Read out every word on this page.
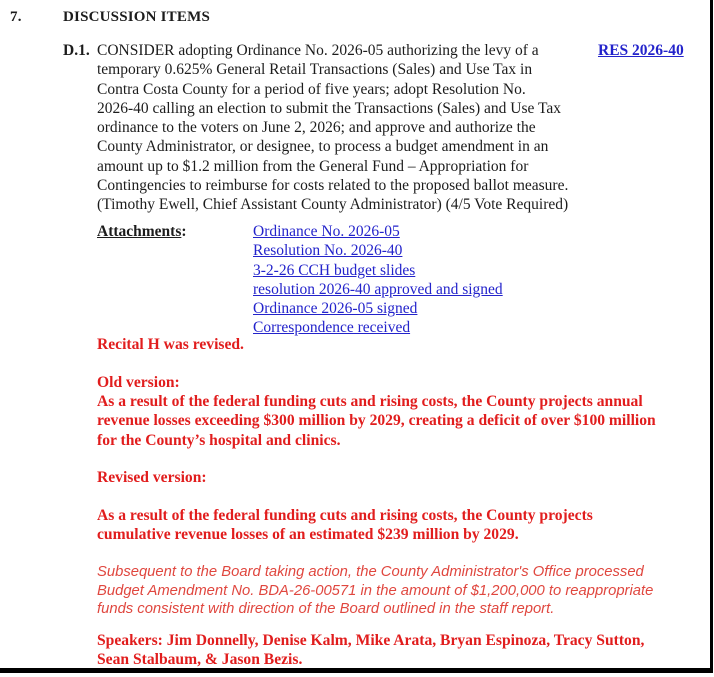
7.	DISCUSSION ITEMS
D.1. CONSIDER adopting Ordinance No. 2026-05 authorizing the levy of a
temporary 0.625% General Retail Transactions (Sales) and Use Tax in
Contra Costa County for a period of five years; adopt Resolution No.
2026-40 calling an election to submit the Transactions (Sales) and Use Tax
ordinance to the voters on June 2, 2026; and approve and authorize the
County Administrator, or designee, to process a budget amendment in an
amount up to $1.2 million from the General Fund – Appropriation for
Contingencies to reimburse for costs related to the proposed ballot measure.
(Timothy Ewell, Chief Assistant County Administrator) (4/5 Vote Required)
RES 2026-40
Attachments:	Ordinance No. 2026-05
Resolution No. 2026-40
3-2-26 CCH budget slides
resolution 2026-40 approved and signed
Ordinance 2026-05 signed
Correspondence received
Recital H was revised.
Old version:
As a result of the federal funding cuts and rising costs, the County projects annual
revenue losses exceeding $300 million by 2029, creating a deficit of over $100 million
for the County’s hospital and clinics.
Revised version:
As a result of the federal funding cuts and rising costs, the County projects
cumulative revenue losses of an estimated $239 million by 2029.
Subsequent to the Board taking action, the County Administrator's Office processed
Budget Amendment No. BDA-26-00571 in the amount of $1,200,000 to reappropriate
funds consistent with direction of the Board outlined in the staff report.
Speakers: Jim Donnelly, Denise Kalm, Mike Arata, Bryan Espinoza, Tracy Sutton,
Sean Stalbaum, & Jason Bezis.
